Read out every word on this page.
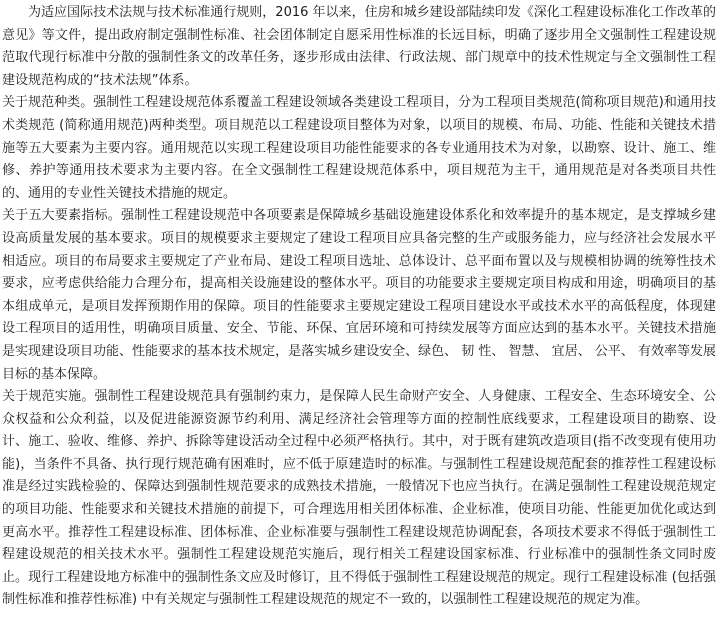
为适应国际技术法规与技术标准通行规则，2016 年以来，住房和城乡建设部陆续印发《深化工程建设标准化工作改革的意见》等文件，提出政府制定强制性标准、社会团体制定自愿采用性标准的长远目标，明确了逐步用全文强制性工程建设规范取代现行标准中分散的强制性条文的改革任务，逐步形成由法律、行政法规、部门规章中的技术性规定与全文强制性工程建设规范构成的“技术法规”体系。

关于规范种类。强制性工程建设规范体系覆盖工程建设领域各类建设工程项目，分为工程项目类规范(简称项目规范)和通用技术类规范 (简称通用规范)两种类型。项目规范以工程建设项目整体为对象，以项目的规模、布局、功能、性能和关键技术措施等五大要素为主要内容。通用规范以实现工程建设项目功能性能要求的各专业通用技术为对象，以勘察、设计、施工、维修、养护等通用技术要求为主要内容。在全文强制性工程建设规范体系中，项目规范为主干，通用规范是对各类项目共性的、通用的专业性关键技术措施的规定。

关于五大要素指标。强制性工程建设规范中各项要素是保障城乡基础设施建设体系化和效率提升的基本规定，是支撑城乡建设高质量发展的基本要求。项目的规模要求主要规定了建设工程项目应具备完整的生产或服务能力，应与经济社会发展水平相适应。项目的布局要求主要规定了产业布局、建设工程项目选址、总体设计、总平面布置以及与规模相协调的统筹性技术要求，应考虑供给能力合理分布，提高相关设施建设的整体水平。项目的功能要求主要规定项目构成和用途，明确项目的基本组成单元，是项目发挥预期作用的保障。项目的性能要求主要规定建设工程项目建设水平或技术水平的高低程度，体现建设工程项目的适用性，明确项目质量、安全、节能、环保、宜居环境和可持续发展等方面应达到的基本水平。关键技术措施是实现建设项目功能、性能要求的基本技术规定，是落实城乡建设安全、绿色、 韧 性、 智慧、 宜居、 公平、 有效率等发展目标的基本保障。

关于规范实施。强制性工程建设规范具有强制约束力，是保障人民生命财产安全、人身健康、工程安全、生态环境安全、公众权益和公众利益，以及促进能源资源节约利用、满足经济社会管理等方面的控制性底线要求，工程建设项目的勘察、设计、施工、验收、维修、养护、拆除等建设活动全过程中必须严格执行。其中，对于既有建筑改造项目(指不改变现有使用功能)，当条件不具备、执行现行规范确有困难时，应不低于原建造时的标准。与强制性工程建设规范配套的推荐性工程建设标准是经过实践检验的、保障达到强制性规范要求的成熟技术措施，一般情况下也应当执行。在满足强制性工程建设规范规定的项目功能、性能要求和关键技术措施的前提下，可合理选用相关团体标准、企业标准，使项目功能、性能更加优化或达到更高水平。推荐性工程建设标准、团体标准、企业标准要与强制性工程建设规范协调配套，各项技术要求不得低于强制性工程建设规范的相关技术水平。强制性工程建设规范实施后，现行相关工程建设国家标准、行业标准中的强制性条文同时废止。现行工程建设地方标准中的强制性条文应及时修订，且不得低于强制性工程建设规范的规定。现行工程建设标准 (包括强制性标准和推荐性标准) 中有关规定与强制性工程建设规范的规定不一致的，以强制性工程建设规范的规定为准。
